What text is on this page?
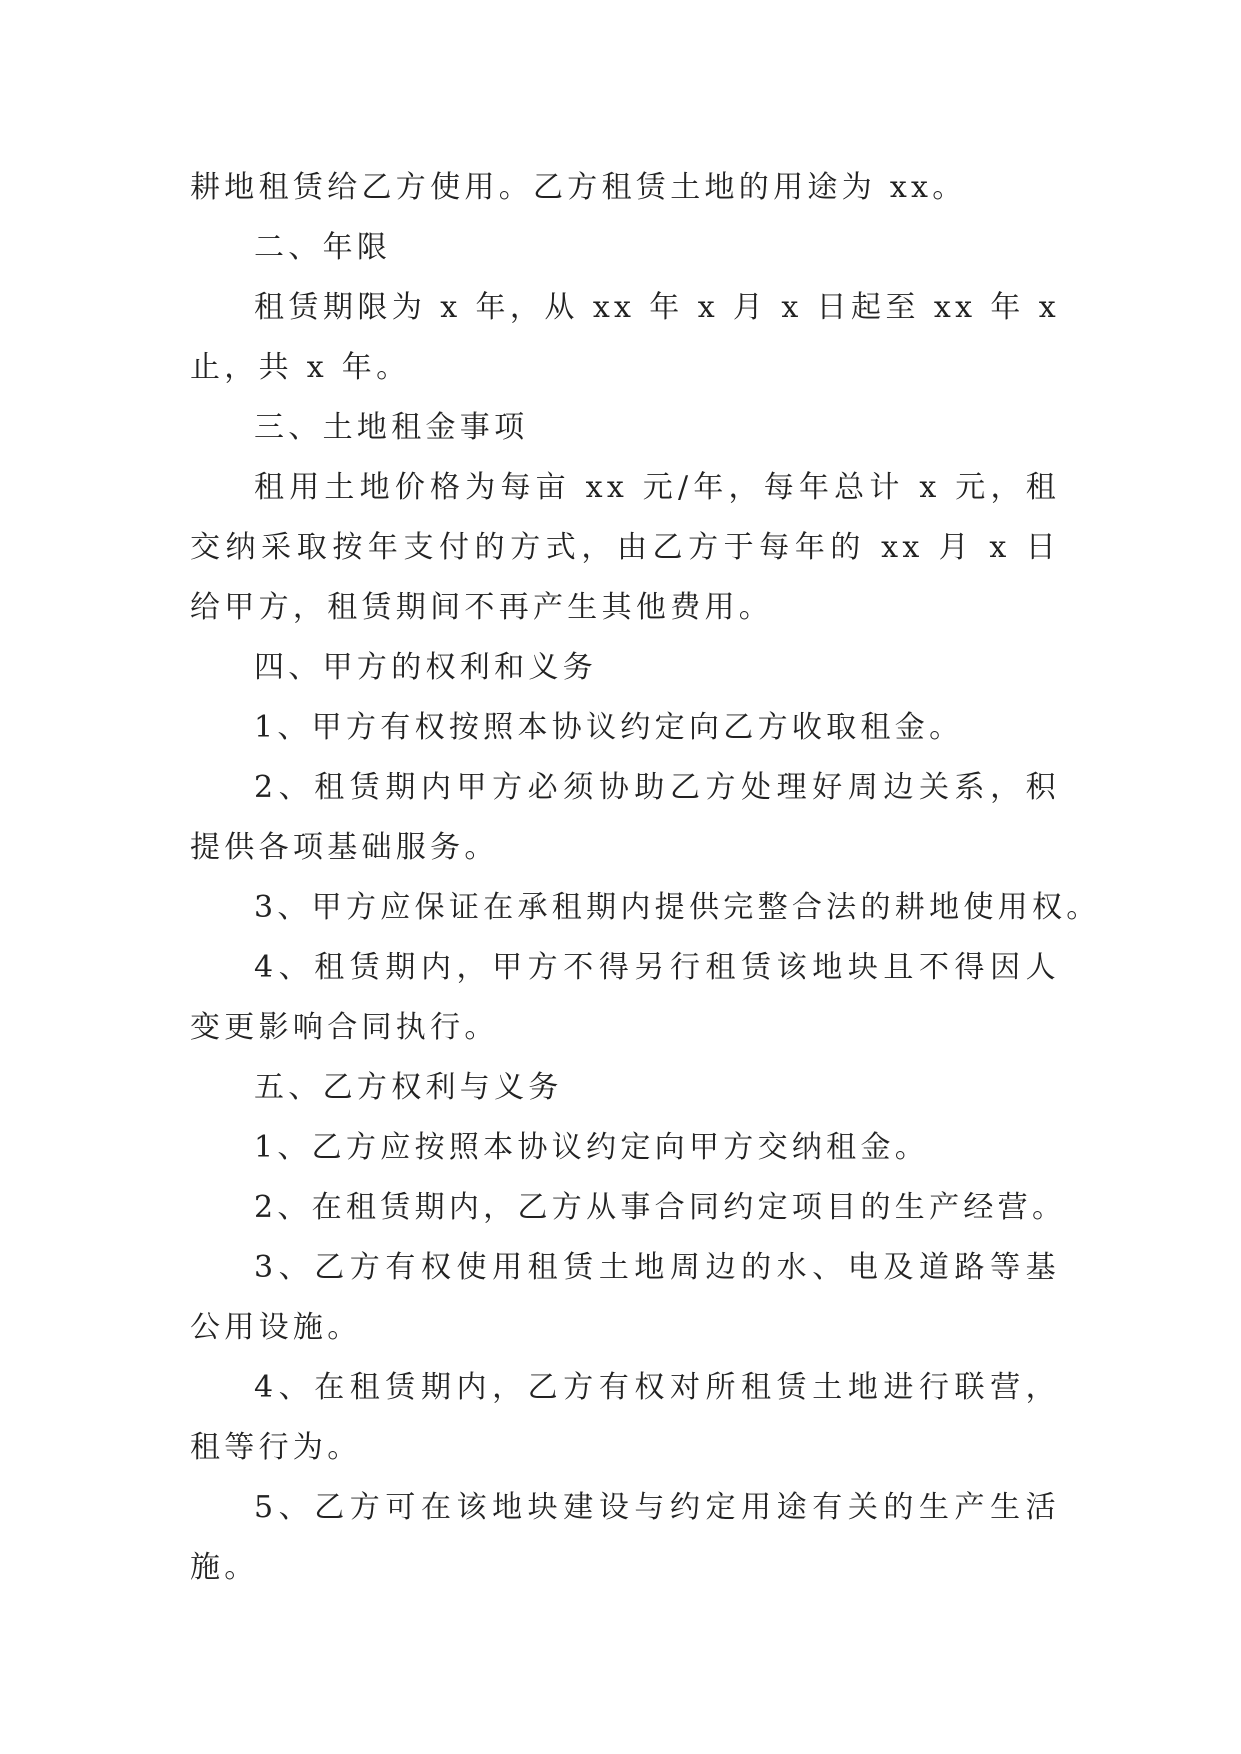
耕地租赁给乙方使用。乙方租赁土地的用途为 xx。
二、年限
租赁期限为 x 年，从 xx 年 x 月 x 日起至 xx 年 x
止，共 x 年。
三、土地租金事项
租用土地价格为每亩 xx 元/年，每年总计 x 元，租
交纳采取按年支付的方式，由乙方于每年的 xx 月 x 日
给甲方，租赁期间不再产生其他费用。
四、甲方的权利和义务
1、甲方有权按照本协议约定向乙方收取租金。
2、租赁期内甲方必须协助乙方处理好周边关系，积
提供各项基础服务。
3、甲方应保证在承租期内提供完整合法的耕地使用权。
4、租赁期内，甲方不得另行租赁该地块且不得因人
变更影响合同执行。
五、乙方权利与义务
1、乙方应按照本协议约定向甲方交纳租金。
2、在租赁期内，乙方从事合同约定项目的生产经营。
3、乙方有权使用租赁土地周边的水、电及道路等基
公用设施。
4、在租赁期内，乙方有权对所租赁土地进行联营，
租等行为。
5、乙方可在该地块建设与约定用途有关的生产生活
施。
